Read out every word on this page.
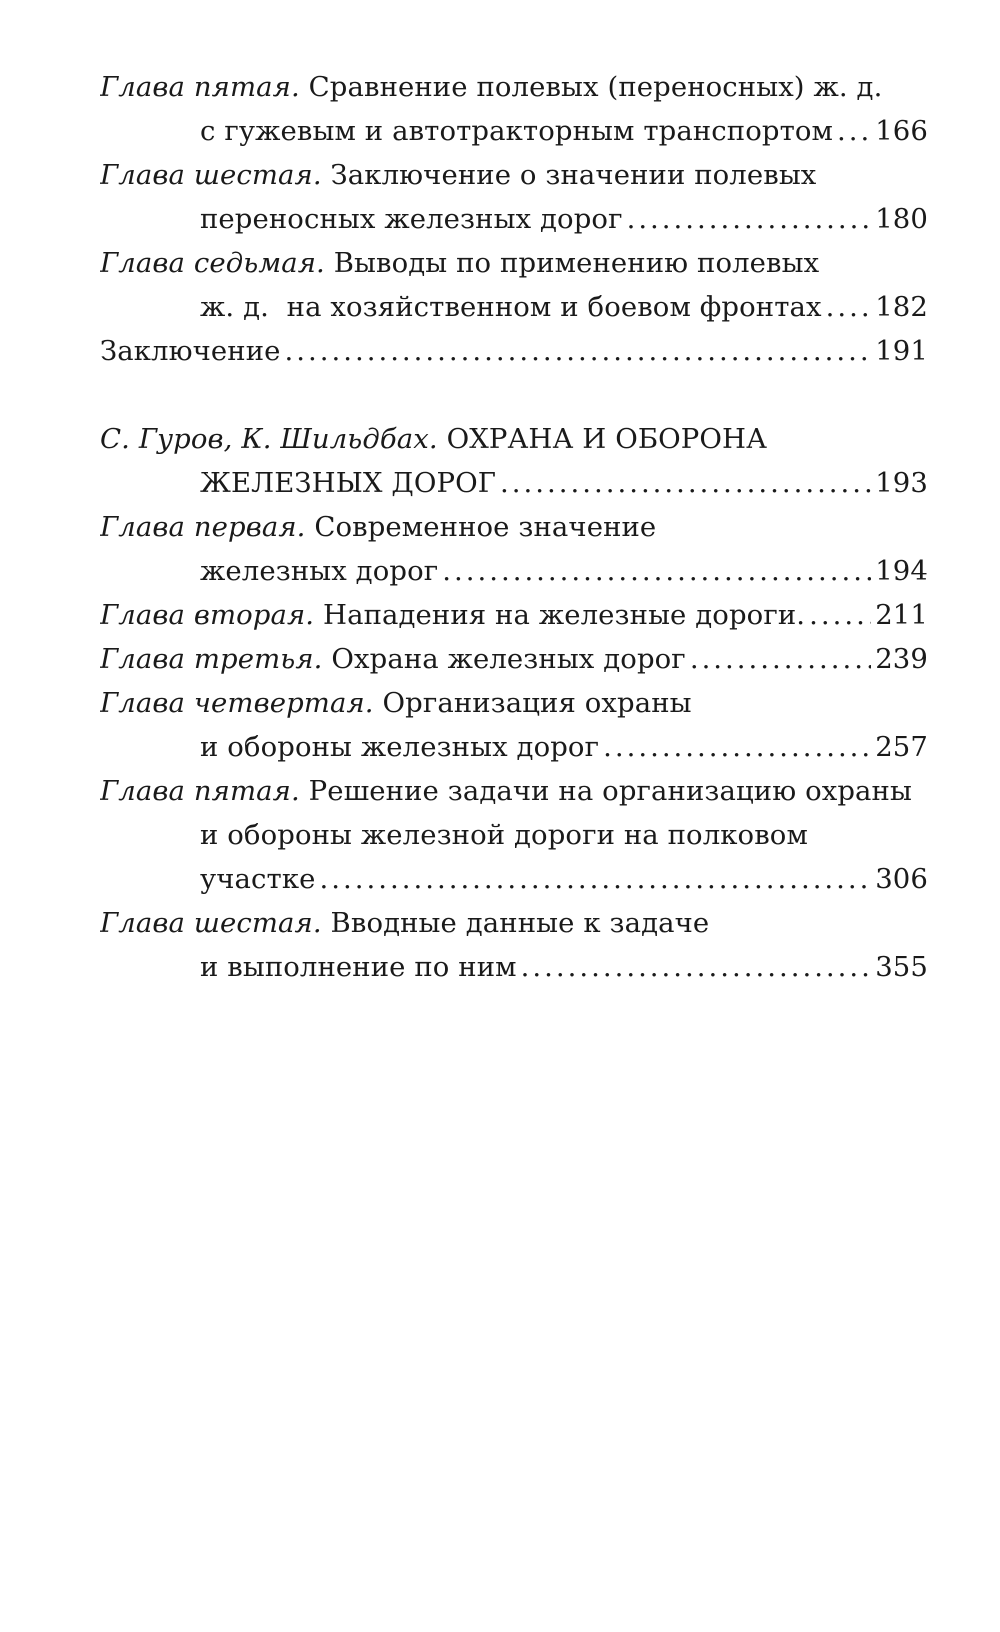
Глава пятая. Сравнение полевых (переносных) ж. д.
с гужевым и автотракторным транспортом ..... 166
Глава шестая. Заключение о значении полевых
переносных железных дорог .....	180
Глава седьмая. Выводы по применению полевых
ж. д.  на хозяйственном и боевом фронтах ..... 182
Заключение .....	191
С. Гуров, К. Шильдбах. ОХРАНА И ОБОРОНА
ЖЕЛЕЗНЫХ ДОРОГ .....	193
Глава первая. Современное значение
железных дорог .....	194
Глава вторая. Нападения на железные дороги. .....	211
Глава третья. Охрана железных дорог .....	239
Глава четвертая. Организация охраны
и обороны железных дорог .....	257
Глава пятая. Решение задачи на организацию охраны
и обороны железной дороги на полковом
участке .....	306
Глава шестая. Вводные данные к задаче
и выполнение по ним .....	355
